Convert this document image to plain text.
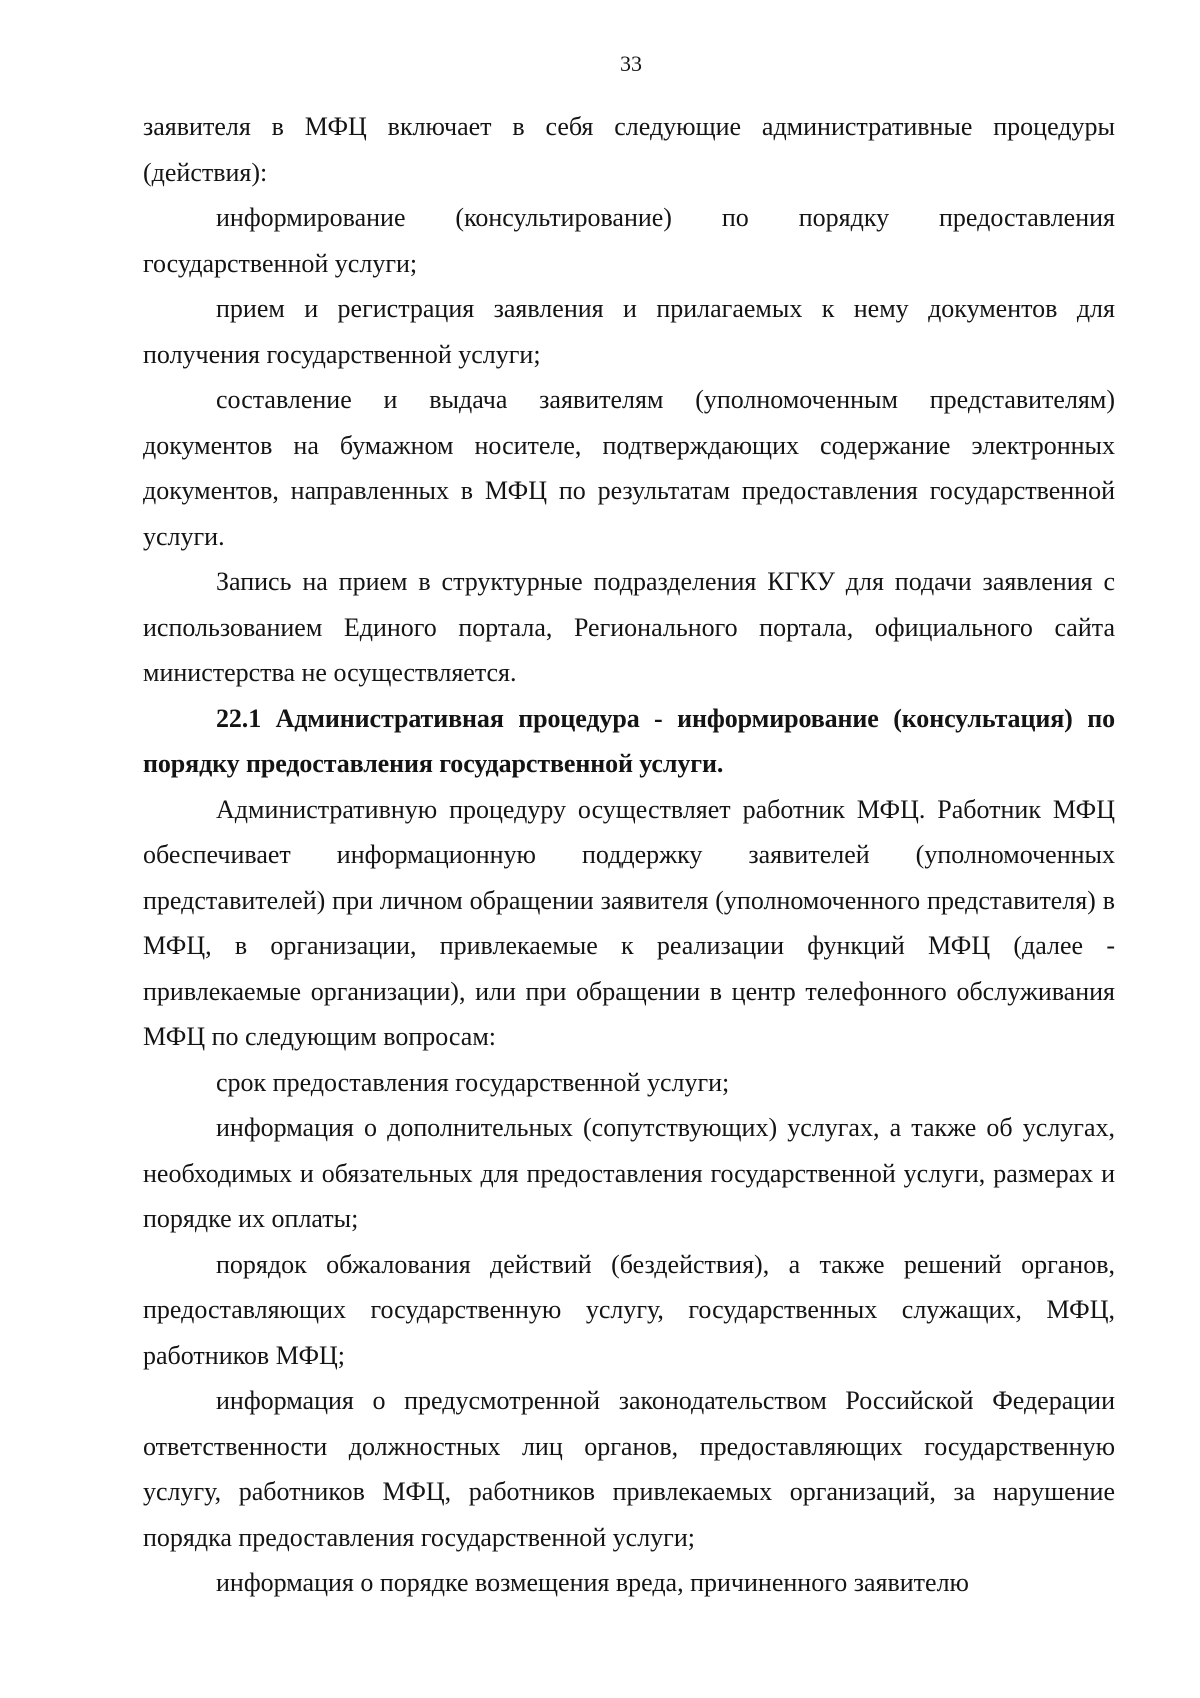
33

заявителя в МФЦ включает в себя следующие административные процедуры (действия):

информирование (консультирование) по порядку предоставления государственной услуги;

прием и регистрация заявления и прилагаемых к нему документов для получения государственной услуги;

составление и выдача заявителям (уполномоченным представителям) документов на бумажном носителе, подтверждающих содержание электронных документов, направленных в МФЦ по результатам предоставления государственной услуги.

Запись на прием в структурные подразделения КГКУ для подачи заявления с использованием Единого портала, Регионального портала, официального сайта министерства не осуществляется.

22.1 Административная процедура - информирование (консультация) по порядку предоставления государственной услуги.

Административную процедуру осуществляет работник МФЦ. Работник МФЦ обеспечивает информационную поддержку заявителей (уполномоченных представителей) при личном обращении заявителя (уполномоченного представителя) в МФЦ, в организации, привлекаемые к реализации функций МФЦ (далее - привлекаемые организации), или при обращении в центр телефонного обслуживания МФЦ по следующим вопросам:

срок предоставления государственной услуги;

информация о дополнительных (сопутствующих) услугах, а также об услугах, необходимых и обязательных для предоставления государственной услуги, размерах и порядке их оплаты;

порядок обжалования действий (бездействия), а также решений органов, предоставляющих государственную услугу, государственных служащих, МФЦ, работников МФЦ;

информация о предусмотренной законодательством Российской Федерации ответственности должностных лиц органов, предоставляющих государственную услугу, работников МФЦ, работников привлекаемых организаций, за нарушение порядка предоставления государственной услуги;

информация о порядке возмещения вреда, причиненного заявителю
